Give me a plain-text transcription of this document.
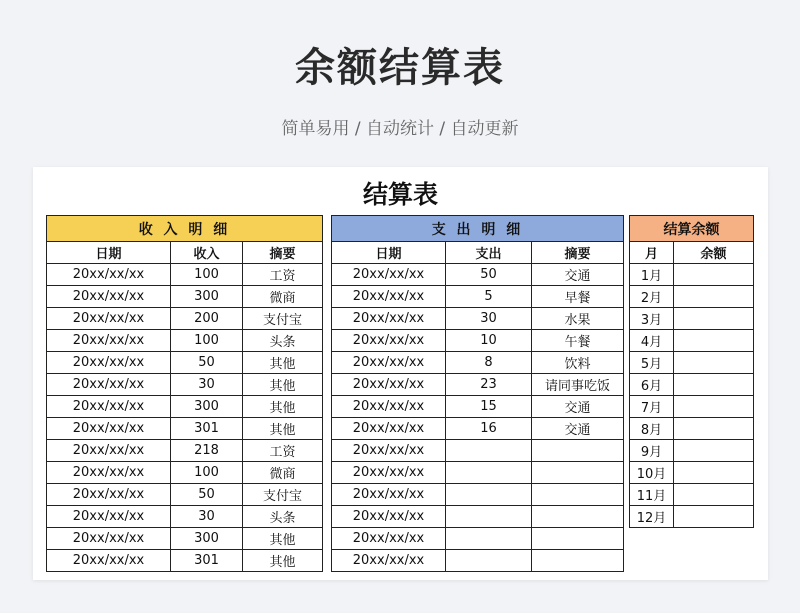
余额结算表
简单易用 / 自动统计 / 自动更新
结算表
收 入 明 细		
日期	收入	摘要
20xx/xx/xx	100	工资
20xx/xx/xx	300	微商
20xx/xx/xx	200	支付宝
20xx/xx/xx	100	头条
20xx/xx/xx	50	其他
20xx/xx/xx	30	其他
20xx/xx/xx	300	其他
20xx/xx/xx	301	其他
20xx/xx/xx	218	工资
20xx/xx/xx	100	微商
20xx/xx/xx	50	支付宝
20xx/xx/xx	30	头条
20xx/xx/xx	300	其他
20xx/xx/xx	301	其他
支 出 明 细		
日期	支出	摘要
20xx/xx/xx	50	交通
20xx/xx/xx	5	早餐
20xx/xx/xx	30	水果
20xx/xx/xx	10	午餐
20xx/xx/xx	8	饮料
20xx/xx/xx	23	请同事吃饭
20xx/xx/xx	15	交通
20xx/xx/xx	16	交通
20xx/xx/xx		
20xx/xx/xx		
20xx/xx/xx		
20xx/xx/xx		
20xx/xx/xx		
20xx/xx/xx		
结算余额	
月	余额
1月	
2月	
3月	
4月	
5月	
6月	
7月	
8月	
9月	
10月	
11月	
12月	
